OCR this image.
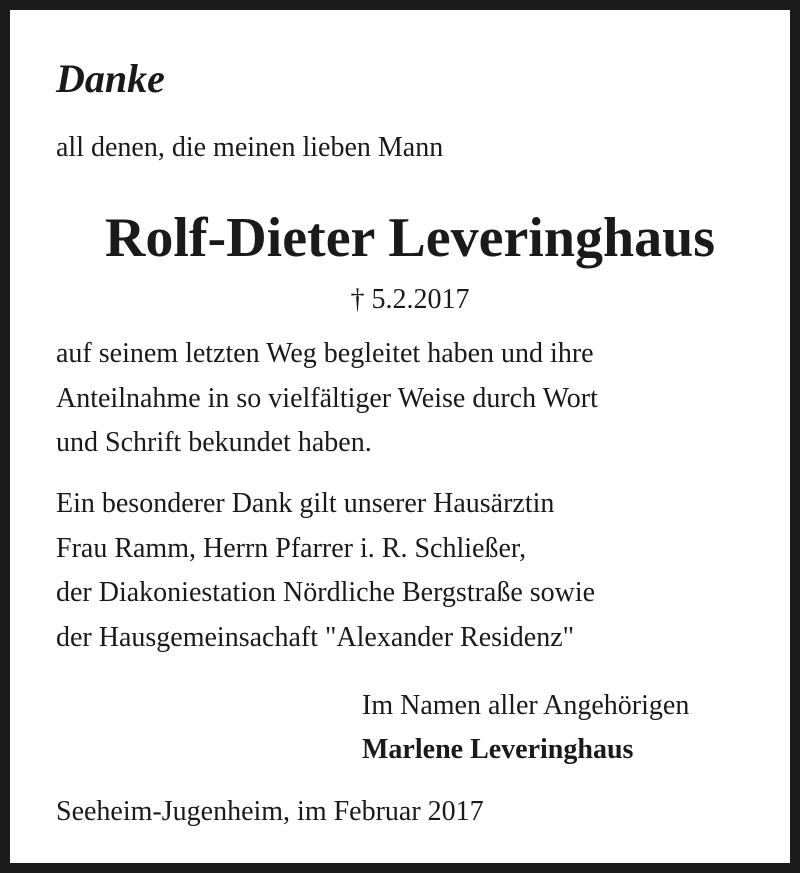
Danke

all denen, die meinen lieben Mann

Rolf-Dieter Leveringhaus

† 5.2.2017

auf seinem letzten Weg begleitet haben und ihre
Anteilnahme in so vielfältiger Weise durch Wort
und Schrift bekundet haben.

Ein besonderer Dank gilt unserer Hausärztin
Frau Ramm, Herrn Pfarrer i. R. Schließer,
der Diakoniestation Nördliche Bergstraße sowie
der Hausgemeinsachaft "Alexander Residenz"

Im Namen aller Angehörigen
Marlene Leveringhaus

Seeheim-Jugenheim, im Februar 2017
